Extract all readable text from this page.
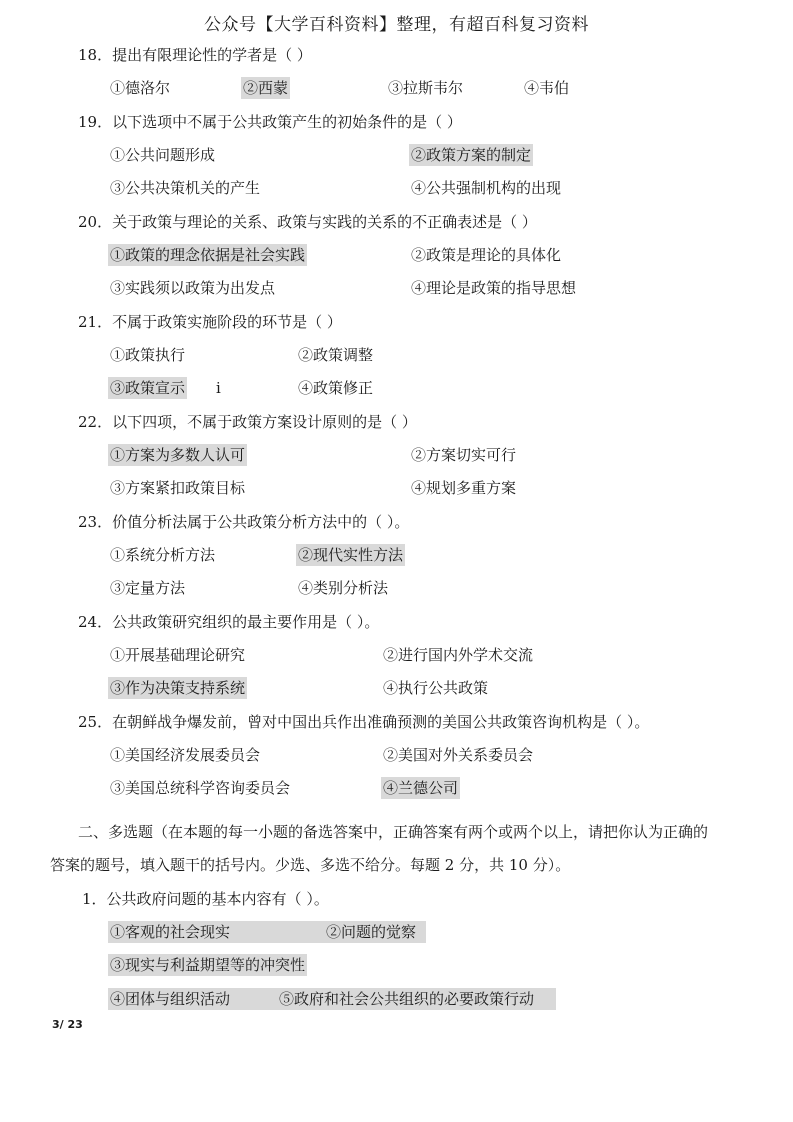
公众号【大学百科资料】整理，有超百科复习资料
18．提出有限理论性的学者是（ ）
①德洛尔	②西蒙	③拉斯韦尔	④韦伯
19．以下选项中不属于公共政策产生的初始条件的是（ ）
①公共问题形成	②政策方案的制定
③公共决策机关的产生	④公共强制机构的出现
20．关于政策与理论的关系、政策与实践的关系的不正确表述是（ ）
①政策的理念依据是社会实践	②政策是理论的具体化
③实践须以政策为出发点	④理论是政策的指导思想
21．不属于政策实施阶段的环节是（ ）
①政策执行	②政策调整
③政策宣示 i	④政策修正
22．以下四项，不属于政策方案设计原则的是（ ）
①方案为多数人认可	②方案切实可行
③方案紧扣政策目标	④规划多重方案
23．价值分析法属于公共政策分析方法中的（ ）。
①系统分析方法	②现代实性方法
③定量方法	④类别分析法
24．公共政策研究组织的最主要作用是（ ）。
①开展基础理论研究	②进行国内外学术交流
③作为决策支持系统	④执行公共政策
25．在朝鲜战争爆发前，曾对中国出兵作出准确预测的美国公共政策咨询机构是（ ）。
①美国经济发展委员会	②美国对外关系委员会
③美国总统科学咨询委员会	④兰德公司
二、多选题（在本题的每一小题的备选答案中，正确答案有两个或两个以上，请把你认为正确的
答案的题号，填入题干的括号内。少选、多选不给分。每题 2 分，共 10 分）。
1．公共政府问题的基本内容有（ ）。
①客观的社会现实	②问题的觉察
③现实与利益期望等的冲突性
④团体与组织活动	⑤政府和社会公共组织的必要政策行动
3/ 23
